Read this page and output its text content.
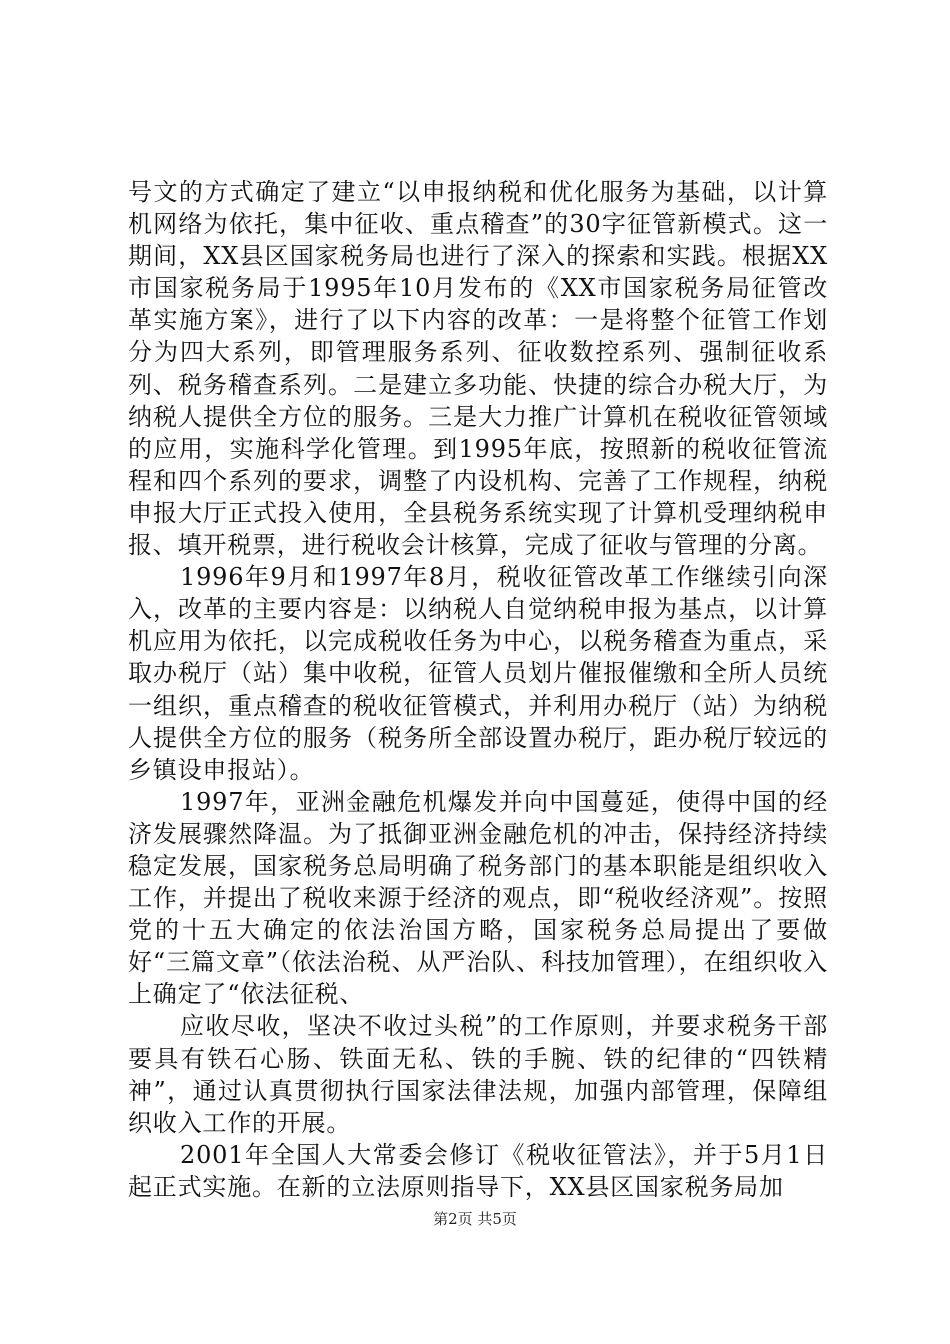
号文的方式确定了建立“以申报纳税和优化服务为基础，以计算机网络为依托，集中征收、重点稽查”的30字征管新模式。这一期间，XX县区国家税务局也进行了深入的探索和实践。根据XX市国家税务局于1995年10月发布的《XX市国家税务局征管改革实施方案》，进行了以下内容的改革：一是将整个征管工作划分为四大系列，即管理服务系列、征收数控系列、强制征收系列、税务稽查系列。二是建立多功能、快捷的综合办税大厅，为纳税人提供全方位的服务。三是大力推广计算机在税收征管领域的应用，实施科学化管理。到1995年底，按照新的税收征管流程和四个系列的要求，调整了内设机构、完善了工作规程，纳税申报大厅正式投入使用，全县税务系统实现了计算机受理纳税申报、填开税票，进行税收会计核算，完成了征收与管理的分离。

1996年9月和1997年8月，税收征管改革工作继续引向深入，改革的主要内容是：以纳税人自觉纳税申报为基点，以计算机应用为依托，以完成税收任务为中心，以税务稽查为重点，采取办税厅（站）集中收税，征管人员划片催报催缴和全所人员统一组织，重点稽查的税收征管模式，并利用办税厅（站）为纳税人提供全方位的服务（税务所全部设置办税厅，距办税厅较远的乡镇设申报站）。

1997年，亚洲金融危机爆发并向中国蔓延，使得中国的经济发展骤然降温。为了抵御亚洲金融危机的冲击，保持经济持续稳定发展，国家税务总局明确了税务部门的基本职能是组织收入工作，并提出了税收来源于经济的观点，即“税收经济观”。按照党的十五大确定的依法治国方略，国家税务总局提出了要做好“三篇文章”（依法治税、从严治队、科技加管理），在组织收入上确定了“依法征税、

应收尽收，坚决不收过头税”的工作原则，并要求税务干部要具有铁石心肠、铁面无私、铁的手腕、铁的纪律的“四铁精神”，通过认真贯彻执行国家法律法规，加强内部管理，保障组织收入工作的开展。

2001年全国人大常委会修订《税收征管法》，并于5月1日起正式实施。在新的立法原则指导下，XX县区国家税务局加

第2页 共5页
